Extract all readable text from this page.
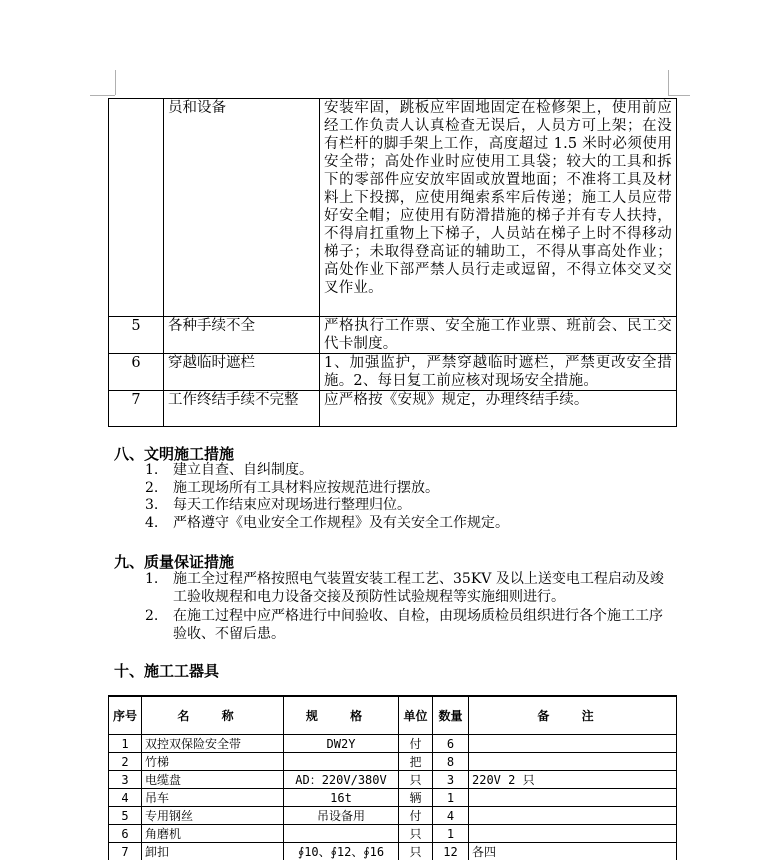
	员和设备	安装牢固，跳板应牢固地固定在检修架上，使用前应经工作负责人认真检查无误后，人员方可上架；在没有栏杆的脚手架上工作，高度超过 1.5 米时必须使用安全带；高处作业时应使用工具袋；较大的工具和拆下的零部件应安放牢固或放置地面；不准将工具及材料上下投掷，应使用绳索系牢后传递；施工人员应带好安全帽；应使用有防滑措施的梯子并有专人扶持，不得肩扛重物上下梯子，人员站在梯子上时不得移动梯子；未取得登高证的辅助工，不得从事高处作业；高处作业下部严禁人员行走或逗留，不得立体交叉交叉作业。
5	各种手续不全	严格执行工作票、安全施工作业票、班前会、民工交代卡制度。
6	穿越临时遮栏	1、加强监护，严禁穿越临时遮栏，严禁更改安全措施。2、每日复工前应核对现场安全措施。
7	工作终结手续不完整	应严格按《安规》规定，办理终结手续。
八、文明施工措施
1. 建立自查、自纠制度。
2. 施工现场所有工具材料应按规范进行摆放。
3. 每天工作结束应对现场进行整理归位。
4. 严格遵守《电业安全工作规程》及有关安全工作规定。
九、质量保证措施
1. 施工全过程严格按照电气装置安装工程工艺、35KV 及以上送变电工程启动及竣工验收规程和电力设备交接及预防性试验规程等实施细则进行。
2. 在施工过程中应严格进行中间验收、自检，由现场质检员组织进行各个施工工序验收、不留后患。
十、施工工器具
序号	名 称	规 格	单位	数量	备 注
1	双控双保险安全带	DW2Y	付	6	
2	竹梯		把	8	
3	电缆盘	AD：220V/380V	只	3	220V 2 只
4	吊车	16t	辆	1	
5	专用钢丝	吊设备用	付	4	
6	角磨机		只	1	
7	卸扣	∮10、∮12、∮16	只	12	各四
